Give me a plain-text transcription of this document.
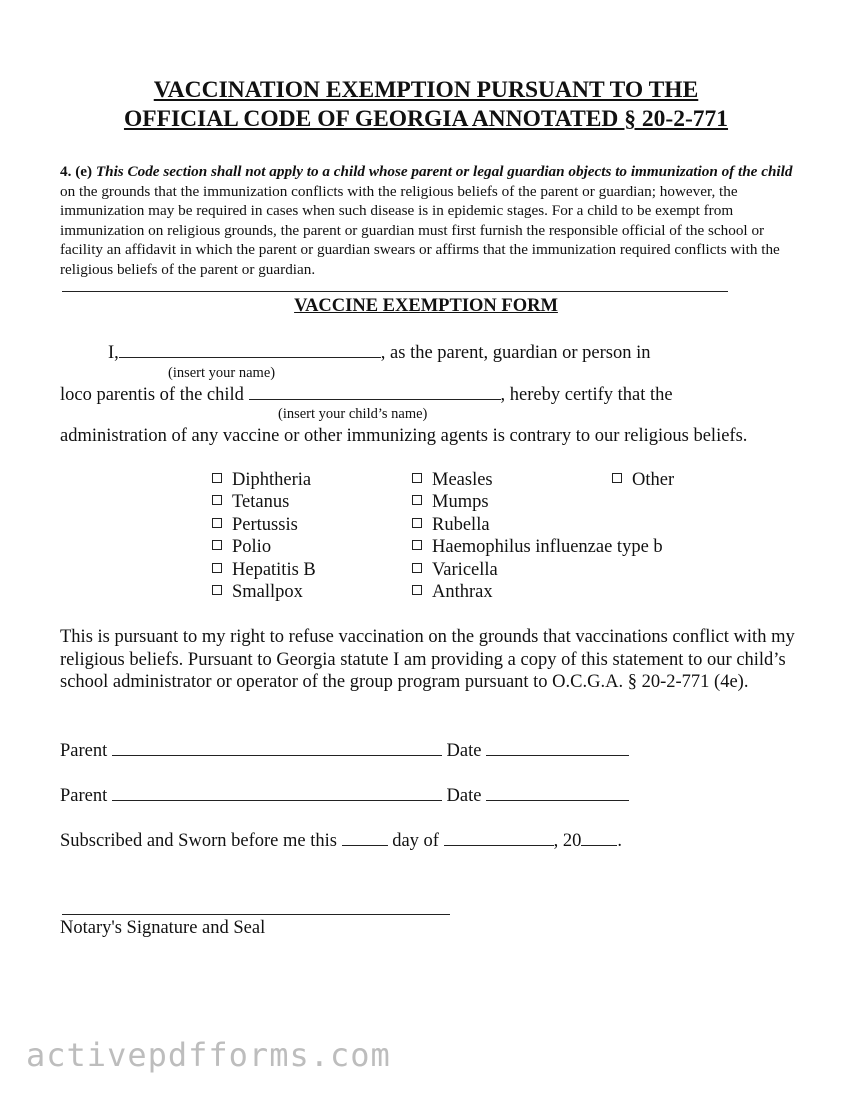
VACCINATION EXEMPTION PURSUANT TO THE
OFFICIAL CODE OF GEORGIA ANNOTATED § 20-2-771
4. (e) This Code section shall not apply to a child whose parent or legal guardian objects to immunization of the child on the grounds that the immunization conflicts with the religious beliefs of the parent or guardian; however, the immunization may be required in cases when such disease is in epidemic stages. For a child to be exempt from immunization on religious grounds, the parent or guardian must first furnish the responsible official of the school or facility an affidavit in which the parent or guardian swears or affirms that the immunization required conflicts with the religious beliefs of the parent or guardian.
VACCINE EXEMPTION FORM
I,	, as the parent, guardian or person in
(insert your name)
loco parentis of the child	, hereby certify that the
(insert your child’s name)
administration of any vaccine or other immunizing agents is contrary to our religious beliefs.
Diphtheria
Tetanus
Pertussis
Polio
Hepatitis B
Smallpox
Measles
Mumps
Rubella
Haemophilus influenzae type b
Varicella
Anthrax
Other
This is pursuant to my right to refuse vaccination on the grounds that vaccinations conflict with my religious beliefs. Pursuant to Georgia statute I am providing a copy of this statement to our child’s school administrator or operator of the group program pursuant to O.C.G.A. § 20-2-771 (4e).
Parent	Date
Parent	Date
Subscribed and Sworn before me this	day of	, 20 .
Notary's Signature and Seal
activepdfforms.com
